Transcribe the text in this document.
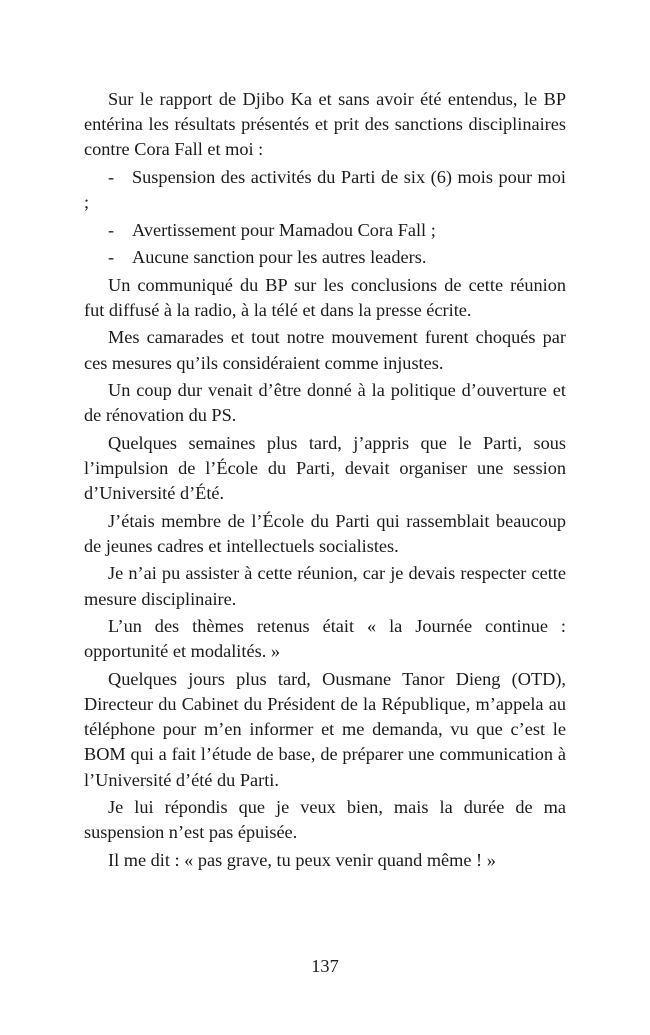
Sur le rapport de Djibo Ka et sans avoir été entendus, le BP entérina les résultats présentés et prit des sanctions disciplinaires contre Cora Fall et moi :

- Suspension des activités du Parti de six (6) mois pour moi ;

- Avertissement pour Mamadou Cora Fall ;

- Aucune sanction pour les autres leaders.

Un communiqué du BP sur les conclusions de cette réunion fut diffusé à la radio, à la télé et dans la presse écrite.

Mes camarades et tout notre mouvement furent choqués par ces mesures qu’ils considéraient comme injustes.

Un coup dur venait d’être donné à la politique d’ouverture et de rénovation du PS.

Quelques semaines plus tard, j’appris que le Parti, sous l’impulsion de l’École du Parti, devait organiser une session d’Université d’Été.

J’étais membre de l’École du Parti qui rassemblait beaucoup de jeunes cadres et intellectuels socialistes.

Je n’ai pu assister à cette réunion, car je devais respecter cette mesure disciplinaire.

L’un des thèmes retenus était « la Journée continue : opportunité et modalités. »

Quelques jours plus tard, Ousmane Tanor Dieng (OTD), Directeur du Cabinet du Président de la République, m’appela au téléphone pour m’en informer et me demanda, vu que c’est le BOM qui a fait l’étude de base, de préparer une communication à l’Université d’été du Parti.

Je lui répondis que je veux bien, mais la durée de ma suspension n’est pas épuisée.

Il me dit : « pas grave, tu peux venir quand même ! »

137
